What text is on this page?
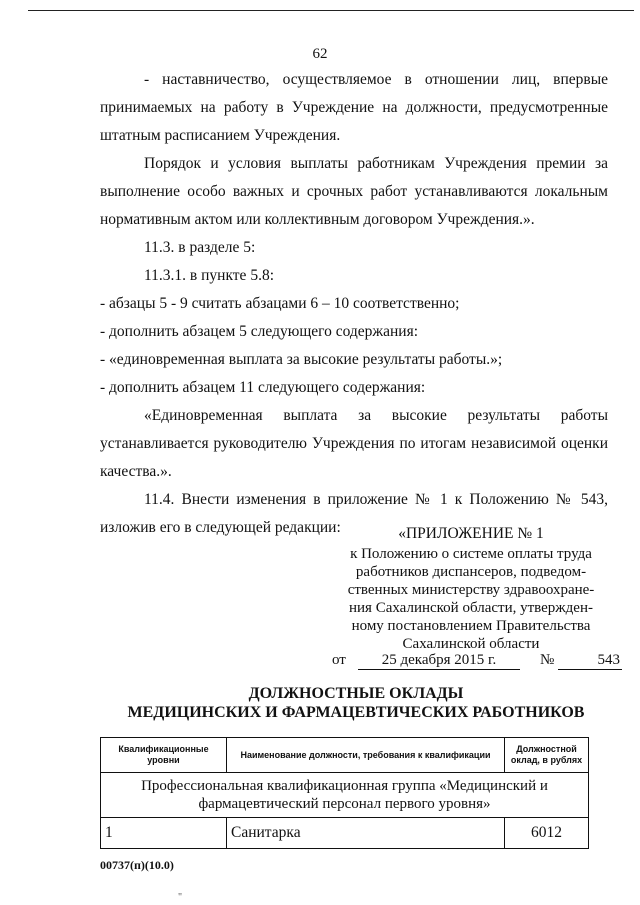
62

- наставничество, осуществляемое в отношении лиц, впервые принимаемых на работу в Учреждение на должности, предусмотренные штатным расписанием Учреждения.

Порядок и условия выплаты работникам Учреждения премии за выполнение особо важных и срочных работ устанавливаются локальным нормативным актом или коллективным договором Учреждения.».

11.3. в разделе 5:

11.3.1. в пункте 5.8:

- абзацы 5 - 9 считать абзацами 6 – 10 соответственно;

- дополнить абзацем 5 следующего содержания:

- «единовременная выплата за высокие результаты работы.»;

- дополнить абзацем 11 следующего содержания:

«Единовременная выплата за высокие результаты работы

устанавливается руководителю Учреждения по итогам независимой оценки

качества.».

11.4. Внести изменения в приложение № 1 к Положению № 543, изложив его в следующей редакции:	«ПРИЛОЖЕНИЕ № 1
к Положению о системе оплаты труда
работников диспансеров, подведом-
ственных министерству здравоохране-
ния Сахалинской области, утвержден-
ному постановлением Правительства
Сахалинской области
от	25 декабря 2015 г.	№	543
ДОЛЖНОСТНЫЕ ОКЛАДЫ
МЕДИЦИНСКИХ И ФАРМАЦЕВТИЧЕСКИХ РАБОТНИКОВ
Квалификационные уровни	Наименование должности, требования к квалификации	Должностной оклад, в рублях
Профессиональная квалификационная группа «Медицинский и фармацевтический персонал первого уровня»		
1	Санитарка	6012
00737(п)(10.0)
"
